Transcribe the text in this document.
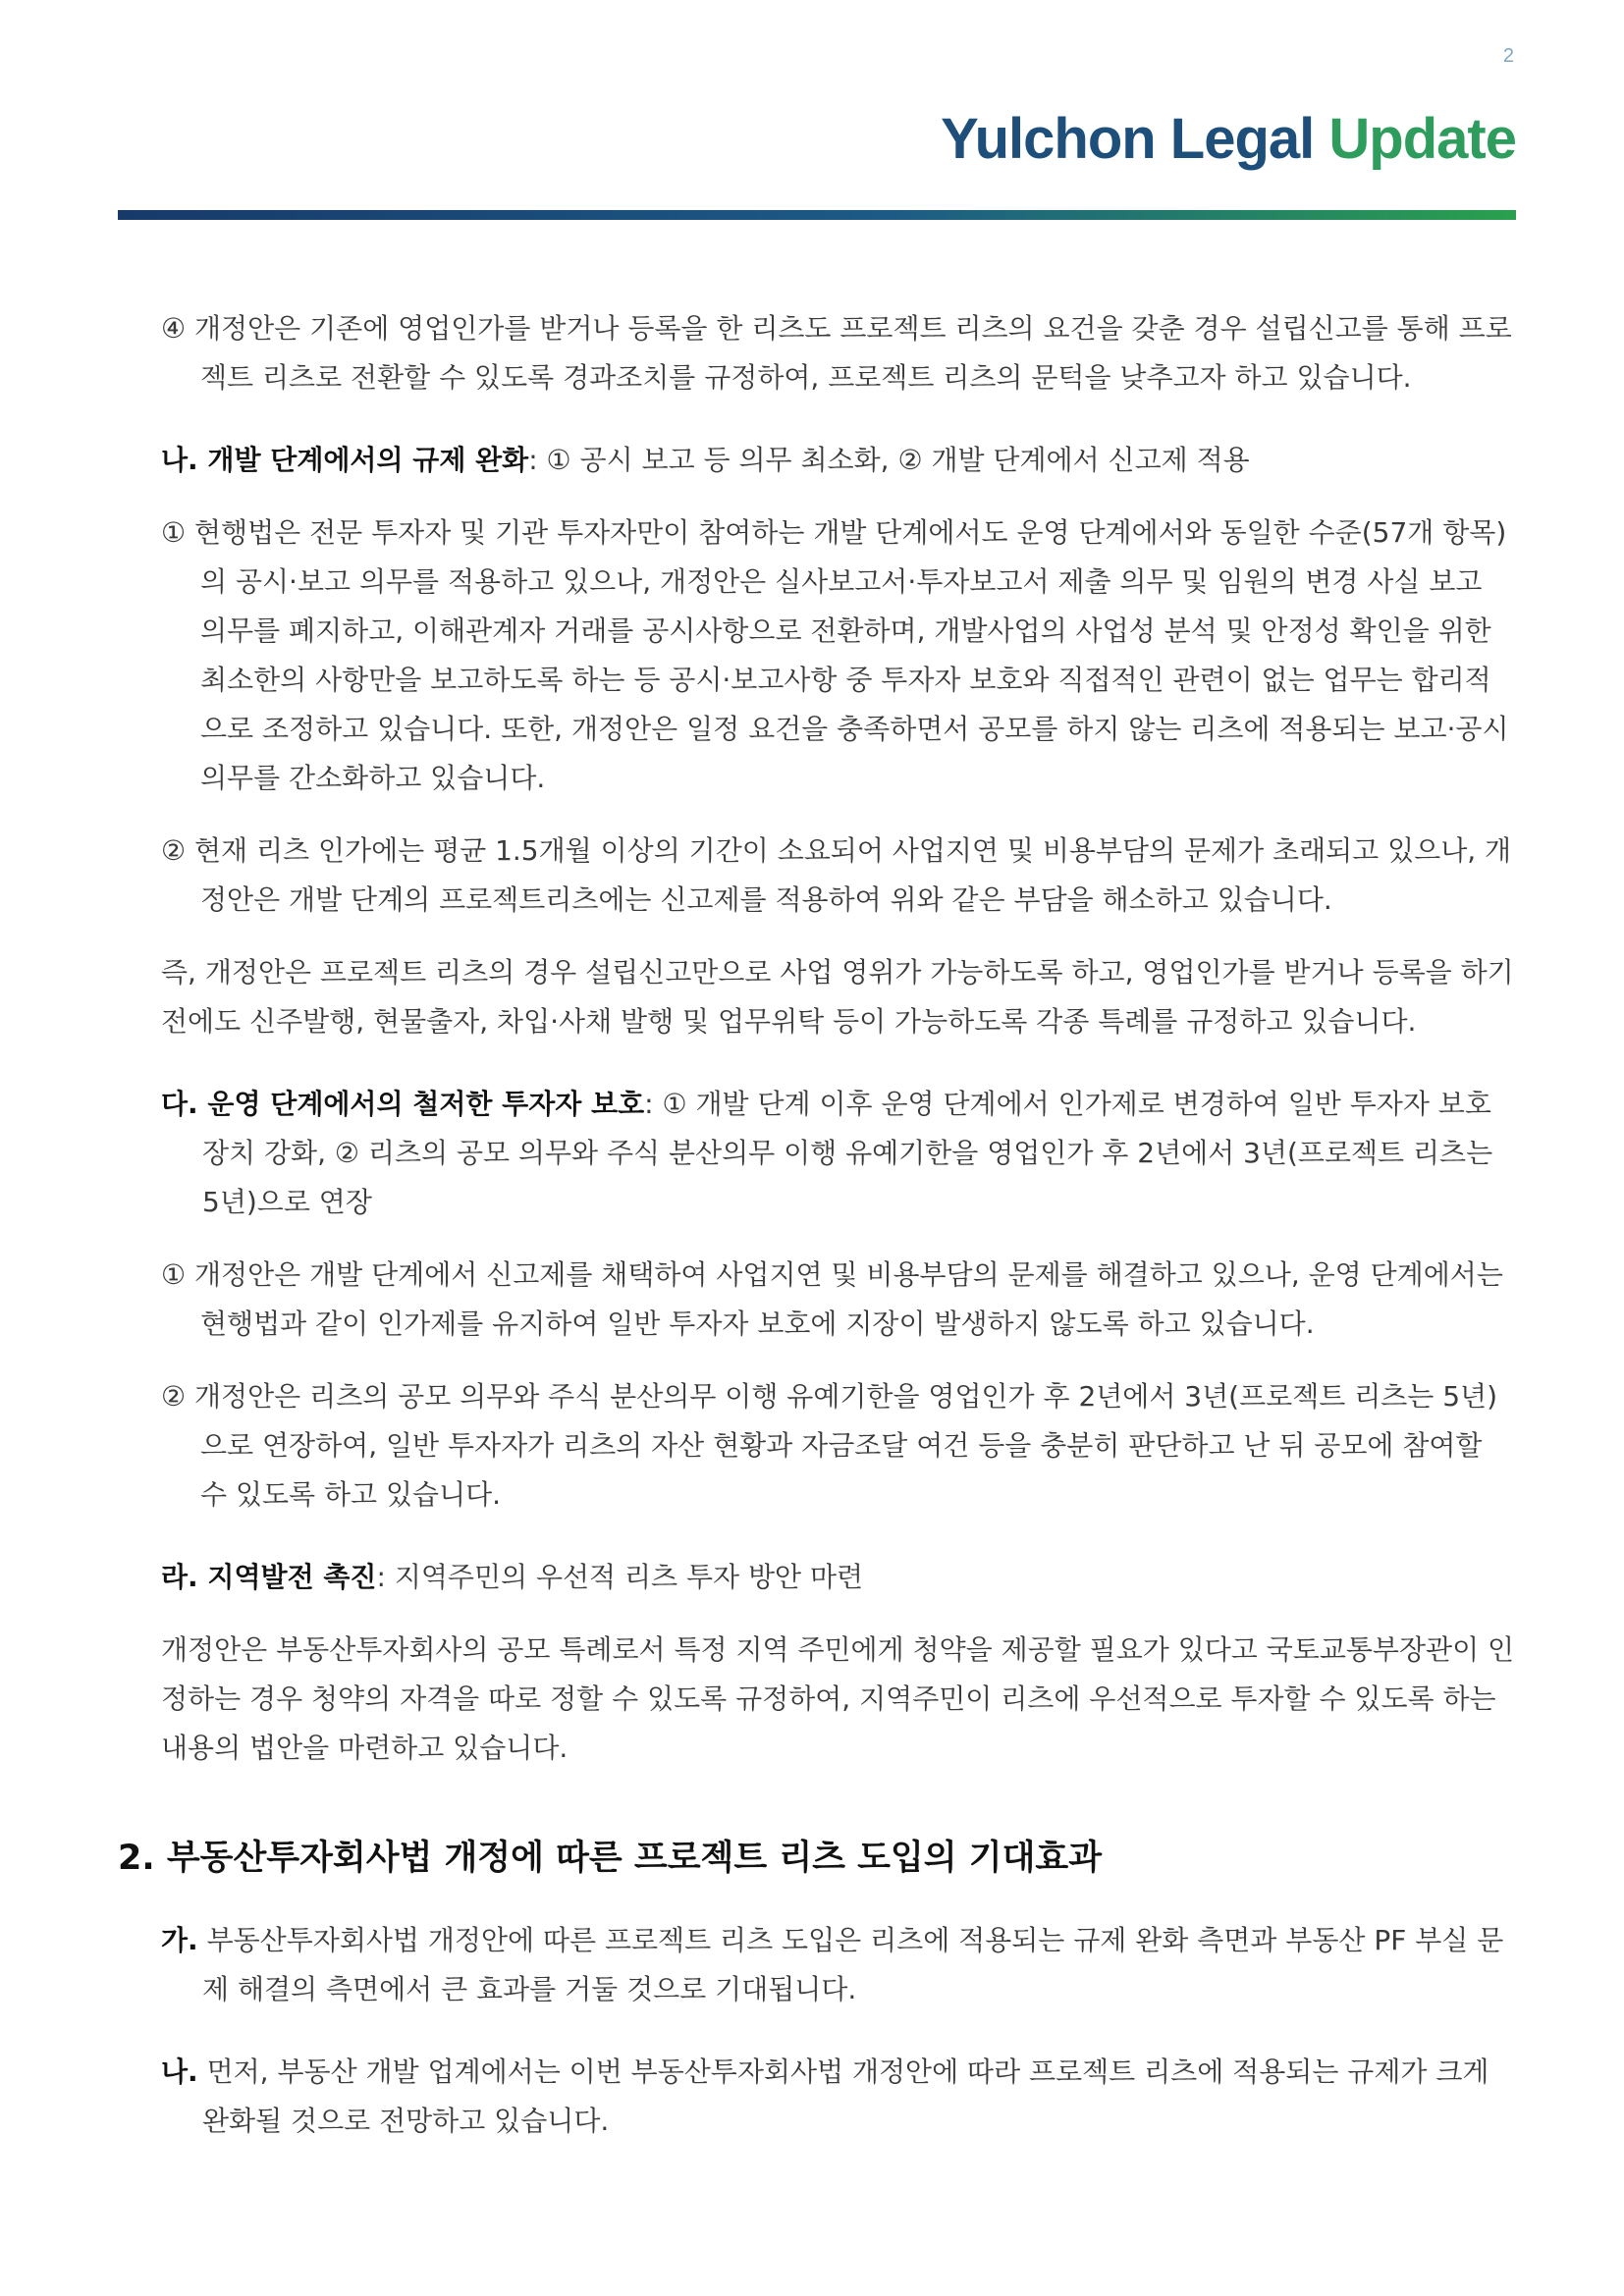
2
Yulchon Legal Update

④ 개정안은 기존에 영업인가를 받거나 등록을 한 리츠도 프로젝트 리츠의 요건을 갖춘 경우 설립신고를 통해 프로젝트 리츠로 전환할 수 있도록 경과조치를 규정하여, 프로젝트 리츠의 문턱을 낮추고자 하고 있습니다.

나. 개발 단계에서의 규제 완화: ① 공시 보고 등 의무 최소화, ② 개발 단계에서 신고제 적용

① 현행법은 전문 투자자 및 기관 투자자만이 참여하는 개발 단계에서도 운영 단계에서와 동일한 수준(57개 항목)의 공시·보고 의무를 적용하고 있으나, 개정안은 실사보고서·투자보고서 제출 의무 및 임원의 변경 사실 보고 의무를 폐지하고, 이해관계자 거래를 공시사항으로 전환하며, 개발사업의 사업성 분석 및 안정성 확인을 위한 최소한의 사항만을 보고하도록 하는 등 공시·보고사항 중 투자자 보호와 직접적인 관련이 없는 업무는 합리적으로 조정하고 있습니다. 또한, 개정안은 일정 요건을 충족하면서 공모를 하지 않는 리츠에 적용되는 보고·공시 의무를 간소화하고 있습니다.

② 현재 리츠 인가에는 평균 1.5개월 이상의 기간이 소요되어 사업지연 및 비용부담의 문제가 초래되고 있으나, 개정안은 개발 단계의 프로젝트리츠에는 신고제를 적용하여 위와 같은 부담을 해소하고 있습니다.

즉, 개정안은 프로젝트 리츠의 경우 설립신고만으로 사업 영위가 가능하도록 하고, 영업인가를 받거나 등록을 하기 전에도 신주발행, 현물출자, 차입·사채 발행 및 업무위탁 등이 가능하도록 각종 특례를 규정하고 있습니다.

다. 운영 단계에서의 철저한 투자자 보호: ① 개발 단계 이후 운영 단계에서 인가제로 변경하여 일반 투자자 보호장치 강화, ② 리츠의 공모 의무와 주식 분산의무 이행 유예기한을 영업인가 후 2년에서 3년(프로젝트 리츠는 5년)으로 연장

① 개정안은 개발 단계에서 신고제를 채택하여 사업지연 및 비용부담의 문제를 해결하고 있으나, 운영 단계에서는 현행법과 같이 인가제를 유지하여 일반 투자자 보호에 지장이 발생하지 않도록 하고 있습니다.

② 개정안은 리츠의 공모 의무와 주식 분산의무 이행 유예기한을 영업인가 후 2년에서 3년(프로젝트 리츠는 5년)으로 연장하여, 일반 투자자가 리츠의 자산 현황과 자금조달 여건 등을 충분히 판단하고 난 뒤 공모에 참여할 수 있도록 하고 있습니다.

라. 지역발전 촉진: 지역주민의 우선적 리츠 투자 방안 마련

개정안은 부동산투자회사의 공모 특례로서 특정 지역 주민에게 청약을 제공할 필요가 있다고 국토교통부장관이 인정하는 경우 청약의 자격을 따로 정할 수 있도록 규정하여, 지역주민이 리츠에 우선적으로 투자할 수 있도록 하는 내용의 법안을 마련하고 있습니다.

2. 부동산투자회사법 개정에 따른 프로젝트 리츠 도입의 기대효과

가. 부동산투자회사법 개정안에 따른 프로젝트 리츠 도입은 리츠에 적용되는 규제 완화 측면과 부동산 PF 부실 문제 해결의 측면에서 큰 효과를 거둘 것으로 기대됩니다.

나. 먼저, 부동산 개발 업계에서는 이번 부동산투자회사법 개정안에 따라 프로젝트 리츠에 적용되는 규제가 크게 완화될 것으로 전망하고 있습니다.
